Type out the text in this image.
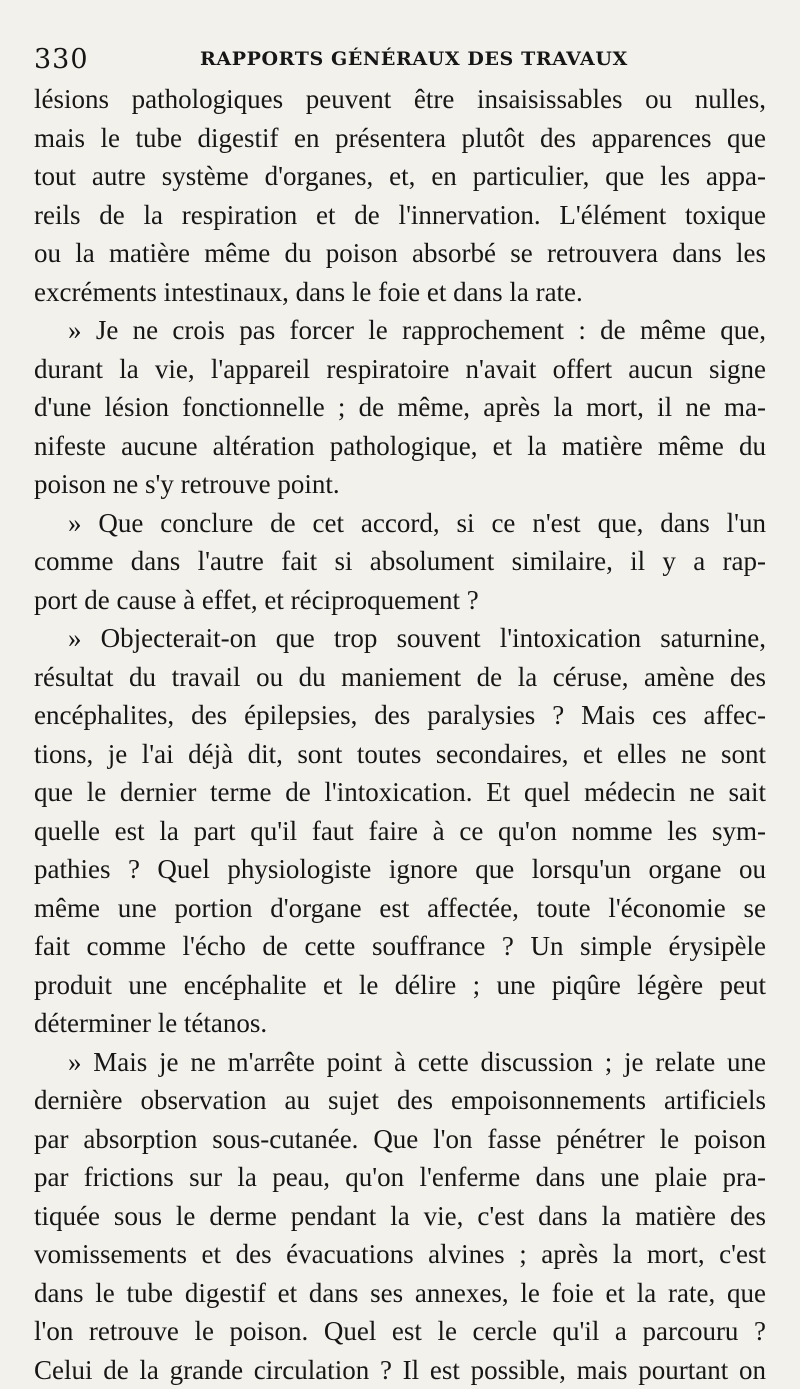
330	RAPPORTS GÉNÉRAUX DES TRAVAUX
lésions pathologiques peuvent être insaisissables ou nulles,
mais le tube digestif en présentera plutôt des apparences que
tout autre système d'organes, et, en particulier, que les appa-
reils de la respiration et de l'innervation. L'élément toxique
ou la matière même du poison absorbé se retrouvera dans les
excréments intestinaux, dans le foie et dans la rate.
» Je ne crois pas forcer le rapprochement : de même que,
durant la vie, l'appareil respiratoire n'avait offert aucun signe
d'une lésion fonctionnelle ; de même, après la mort, il ne ma-
nifeste aucune altération pathologique, et la matière même du
poison ne s'y retrouve point.
» Que conclure de cet accord, si ce n'est que, dans l'un
comme dans l'autre fait si absolument similaire, il y a rap-
port de cause à effet, et réciproquement ?
» Objecterait-on que trop souvent l'intoxication saturnine,
résultat du travail ou du maniement de la céruse, amène des
encéphalites, des épilepsies, des paralysies ? Mais ces affec-
tions, je l'ai déjà dit, sont toutes secondaires, et elles ne sont
que le dernier terme de l'intoxication. Et quel médecin ne sait
quelle est la part qu'il faut faire à ce qu'on nomme les sym-
pathies ? Quel physiologiste ignore que lorsqu'un organe ou
même une portion d'organe est affectée, toute l'économie se
fait comme l'écho de cette souffrance ? Un simple érysipèle
produit une encéphalite et le délire ; une piqûre légère peut
déterminer le tétanos.
» Mais je ne m'arrête point à cette discussion ; je relate une
dernière observation au sujet des empoisonnements artificiels
par absorption sous-cutanée. Que l'on fasse pénétrer le poison
par frictions sur la peau, qu'on l'enferme dans une plaie pra-
tiquée sous le derme pendant la vie, c'est dans la matière des
vomissements et des évacuations alvines ; après la mort, c'est
dans le tube digestif et dans ses annexes, le foie et la rate, que
l'on retrouve le poison. Quel est le cercle qu'il a parcouru ?
Celui de la grande circulation ? Il est possible, mais pourtant on
